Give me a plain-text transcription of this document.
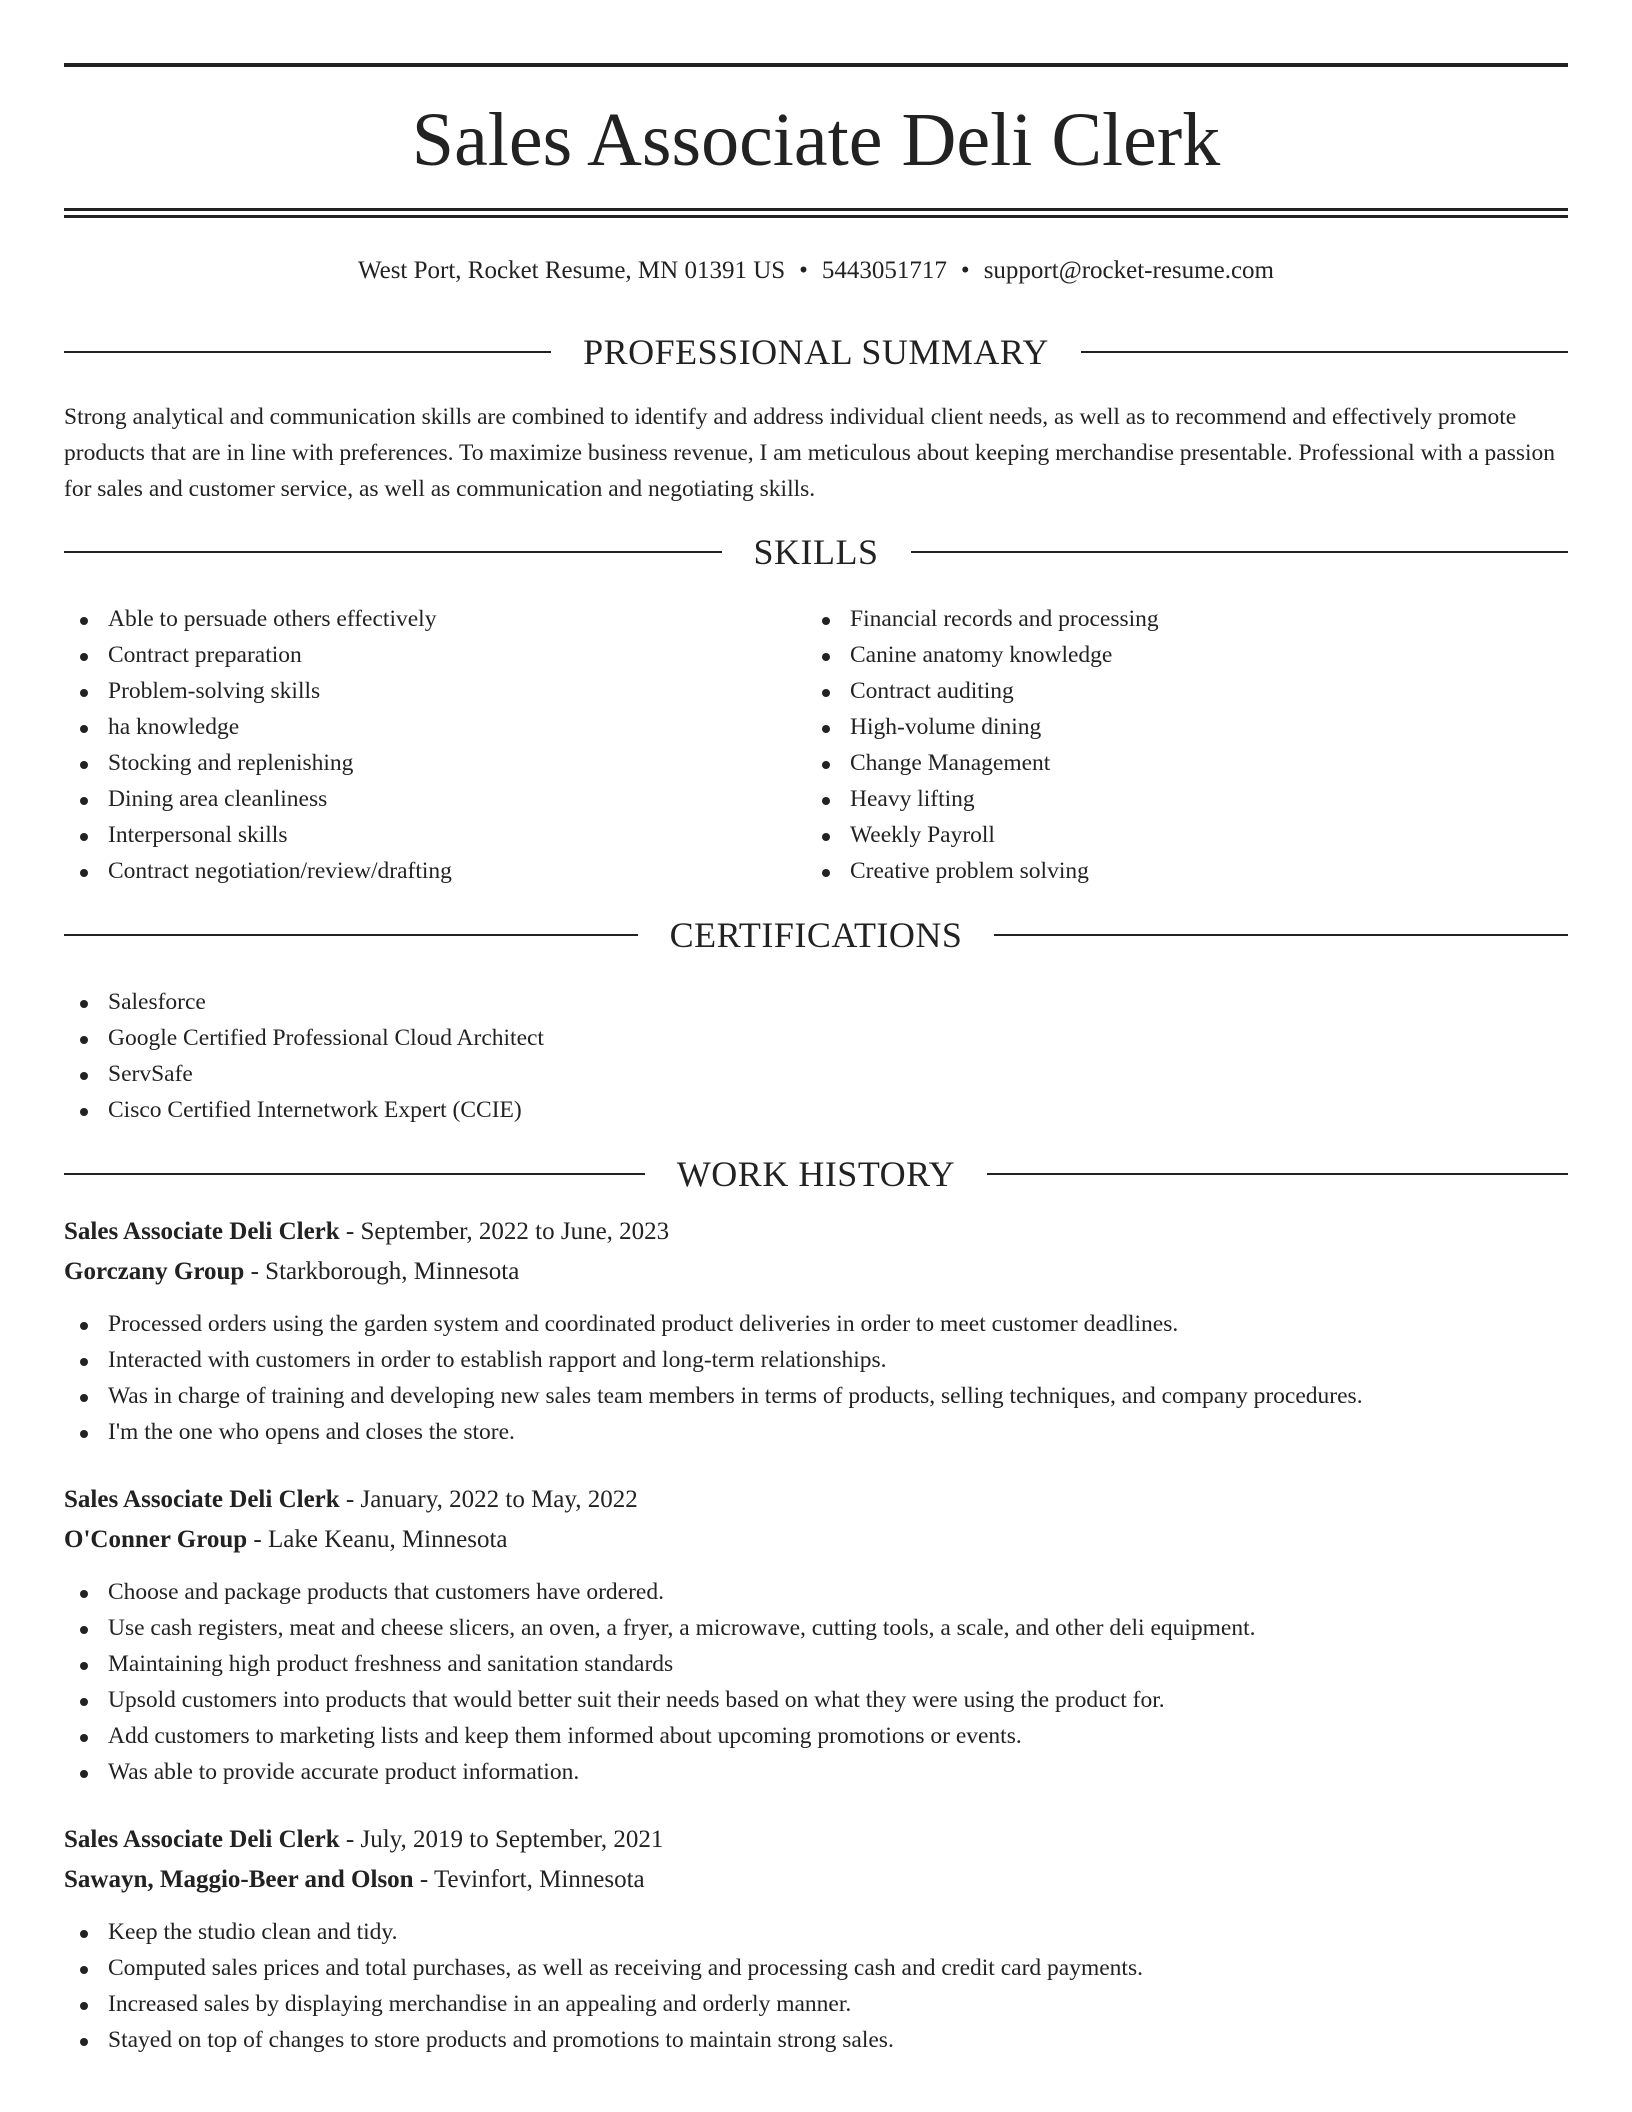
Sales Associate Deli Clerk
West Port, Rocket Resume, MN 01391 US • 5443051717 • support@rocket-resume.com
PROFESSIONAL SUMMARY

Strong analytical and communication skills are combined to identify and address individual client needs, as well as to recommend and effectively promote products that are in line with preferences. To maximize business revenue, I am meticulous about keeping merchandise presentable. Professional with a passion for sales and customer service, as well as communication and negotiating skills.

SKILLS
Able to persuade others effectively
Contract preparation
Problem-solving skills
ha knowledge
Stocking and replenishing
Dining area cleanliness
Interpersonal skills
Contract negotiation/review/drafting
Financial records and processing
Canine anatomy knowledge
Contract auditing
High-volume dining
Change Management
Heavy lifting
Weekly Payroll
Creative problem solving
CERTIFICATIONS
Salesforce
Google Certified Professional Cloud Architect
ServSafe
Cisco Certified Internetwork Expert (CCIE)
WORK HISTORY
Sales Associate Deli Clerk - September, 2022 to June, 2023
Gorczany Group - Starkborough, Minnesota
Processed orders using the garden system and coordinated product deliveries in order to meet customer deadlines.
Interacted with customers in order to establish rapport and long-term relationships.
Was in charge of training and developing new sales team members in terms of products, selling techniques, and company procedures.
I'm the one who opens and closes the store.
Sales Associate Deli Clerk - January, 2022 to May, 2022
O'Conner Group - Lake Keanu, Minnesota
Choose and package products that customers have ordered.
Use cash registers, meat and cheese slicers, an oven, a fryer, a microwave, cutting tools, a scale, and other deli equipment.
Maintaining high product freshness and sanitation standards
Upsold customers into products that would better suit their needs based on what they were using the product for.
Add customers to marketing lists and keep them informed about upcoming promotions or events.
Was able to provide accurate product information.
Sales Associate Deli Clerk - July, 2019 to September, 2021
Sawayn, Maggio-Beer and Olson - Tevinfort, Minnesota
Keep the studio clean and tidy.
Computed sales prices and total purchases, as well as receiving and processing cash and credit card payments.
Increased sales by displaying merchandise in an appealing and orderly manner.
Stayed on top of changes to store products and promotions to maintain strong sales.
